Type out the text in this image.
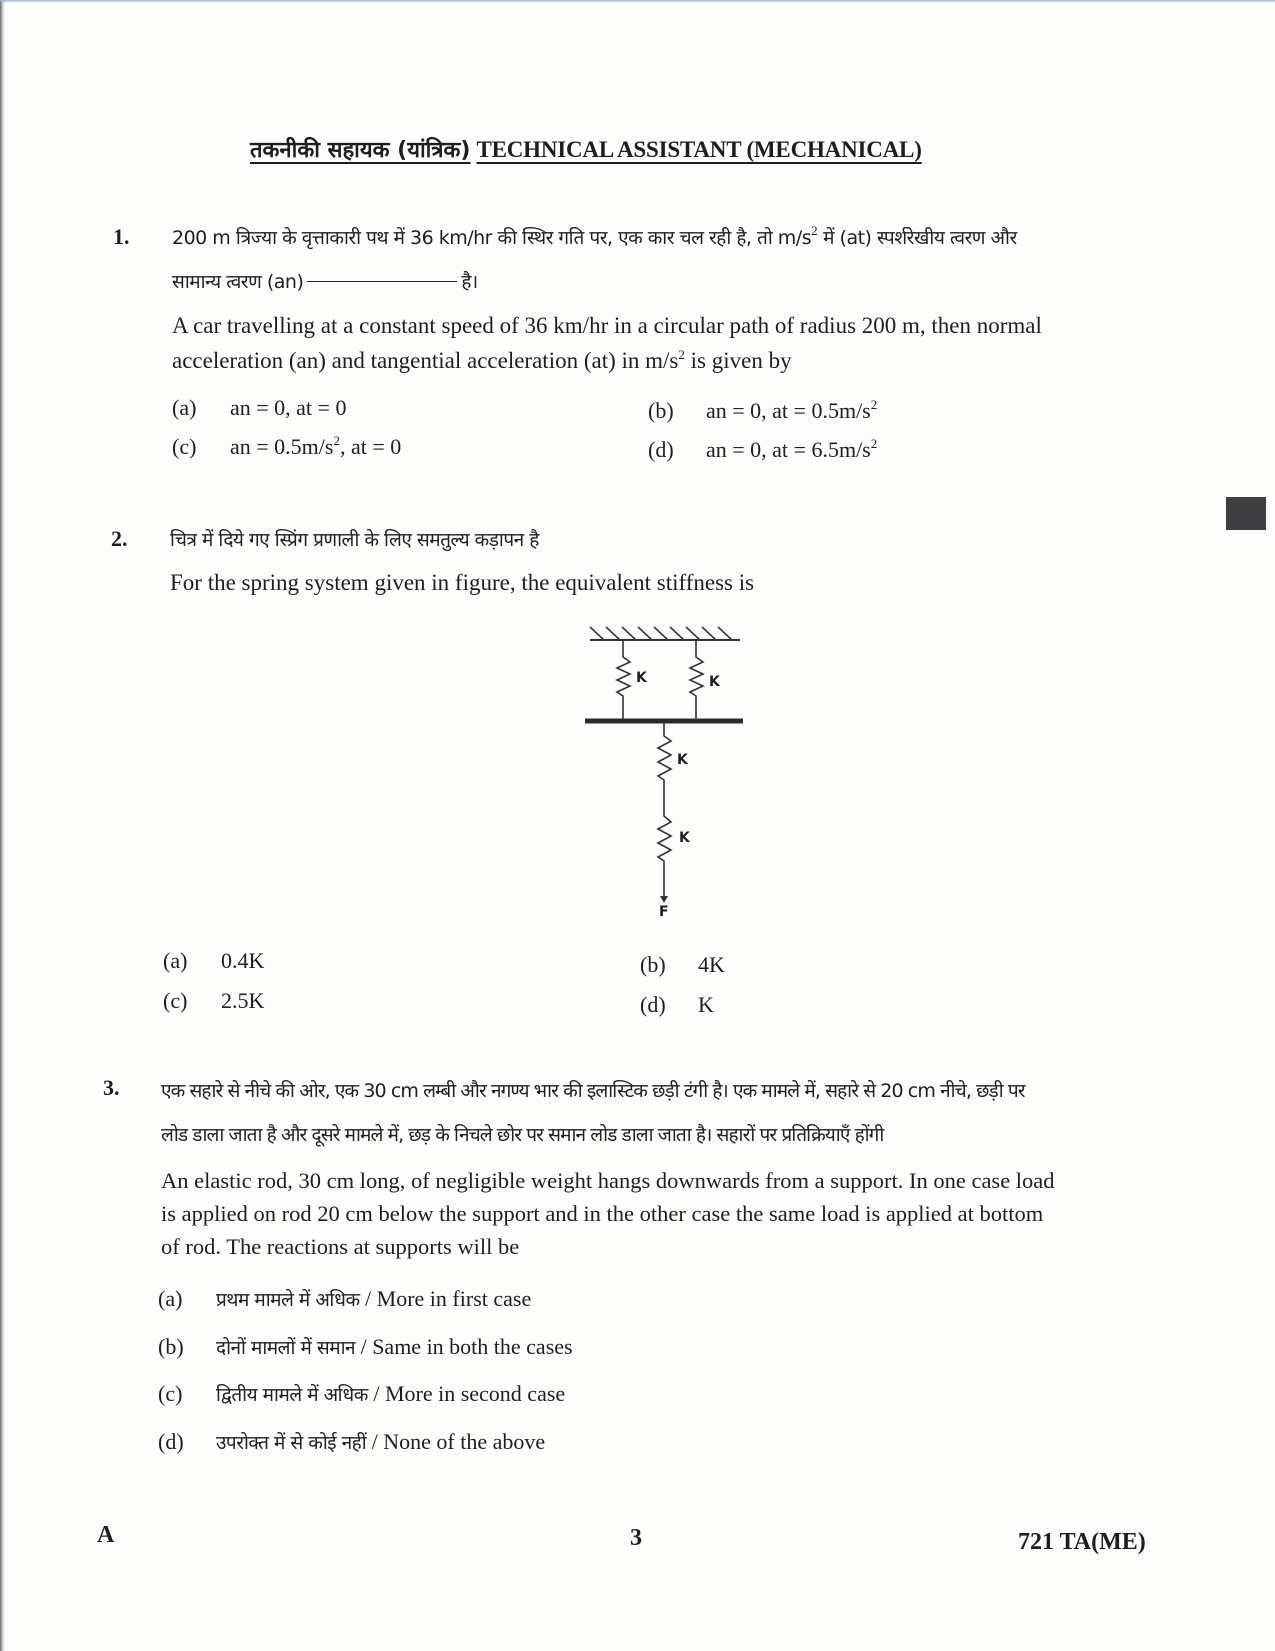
तकनीकी सहायक (यांत्रिक) TECHNICAL ASSISTANT (MECHANICAL)
1. 200 m त्रिज्या के वृत्ताकारी पथ में 36 km/hr की स्थिर गति पर, एक कार चल रही है, तो $m/s^2$ में (at) स्पर्शरेखीय त्वरण और
सामान्य त्वरण (an)	है।
A car travelling at a constant speed of 36 km/hr in a circular path of radius 200 m, then normal
acceleration (an) and tangential acceleration (at) in $m/s^2$ is given by
(a) an = 0, at = 0	(b) an = 0, at = $0.5m/s^2$
(c) an = $0.5m/s^2$, at = 0	(d) an = 0, at = $6.5m/s^2$
2. चित्र में दिये गए स्प्रिंग प्रणाली के लिए समतुल्य कड़ापन है
For the spring system given in figure, the equivalent stiffness is
K	K
K
K
F
(a) 0.4K	(b) 4K
(c) 2.5K	(d) K
3. एक सहारे से नीचे की ओर, एक 30 cm लम्बी और नगण्य भार की इलास्टिक छड़ी टंगी है। एक मामले में, सहारे से 20 cm नीचे, छड़ी पर
लोड डाला जाता है और दूसरे मामले में, छड़ के निचले छोर पर समान लोड डाला जाता है। सहारों पर प्रतिक्रियाएँ होंगी
An elastic rod, 30 cm long, of negligible weight hangs downwards from a support. In one case load
is applied on rod 20 cm below the support and in the other case the same load is applied at bottom
of rod. The reactions at supports will be
(a) प्रथम मामले में अधिक / More in first case
(b) दोनों मामलों में समान / Same in both the cases
(c) द्वितीय मामले में अधिक / More in second case
(d) उपरोक्त में से कोई नहीं / None of the above
A	3	721 TA(ME)
